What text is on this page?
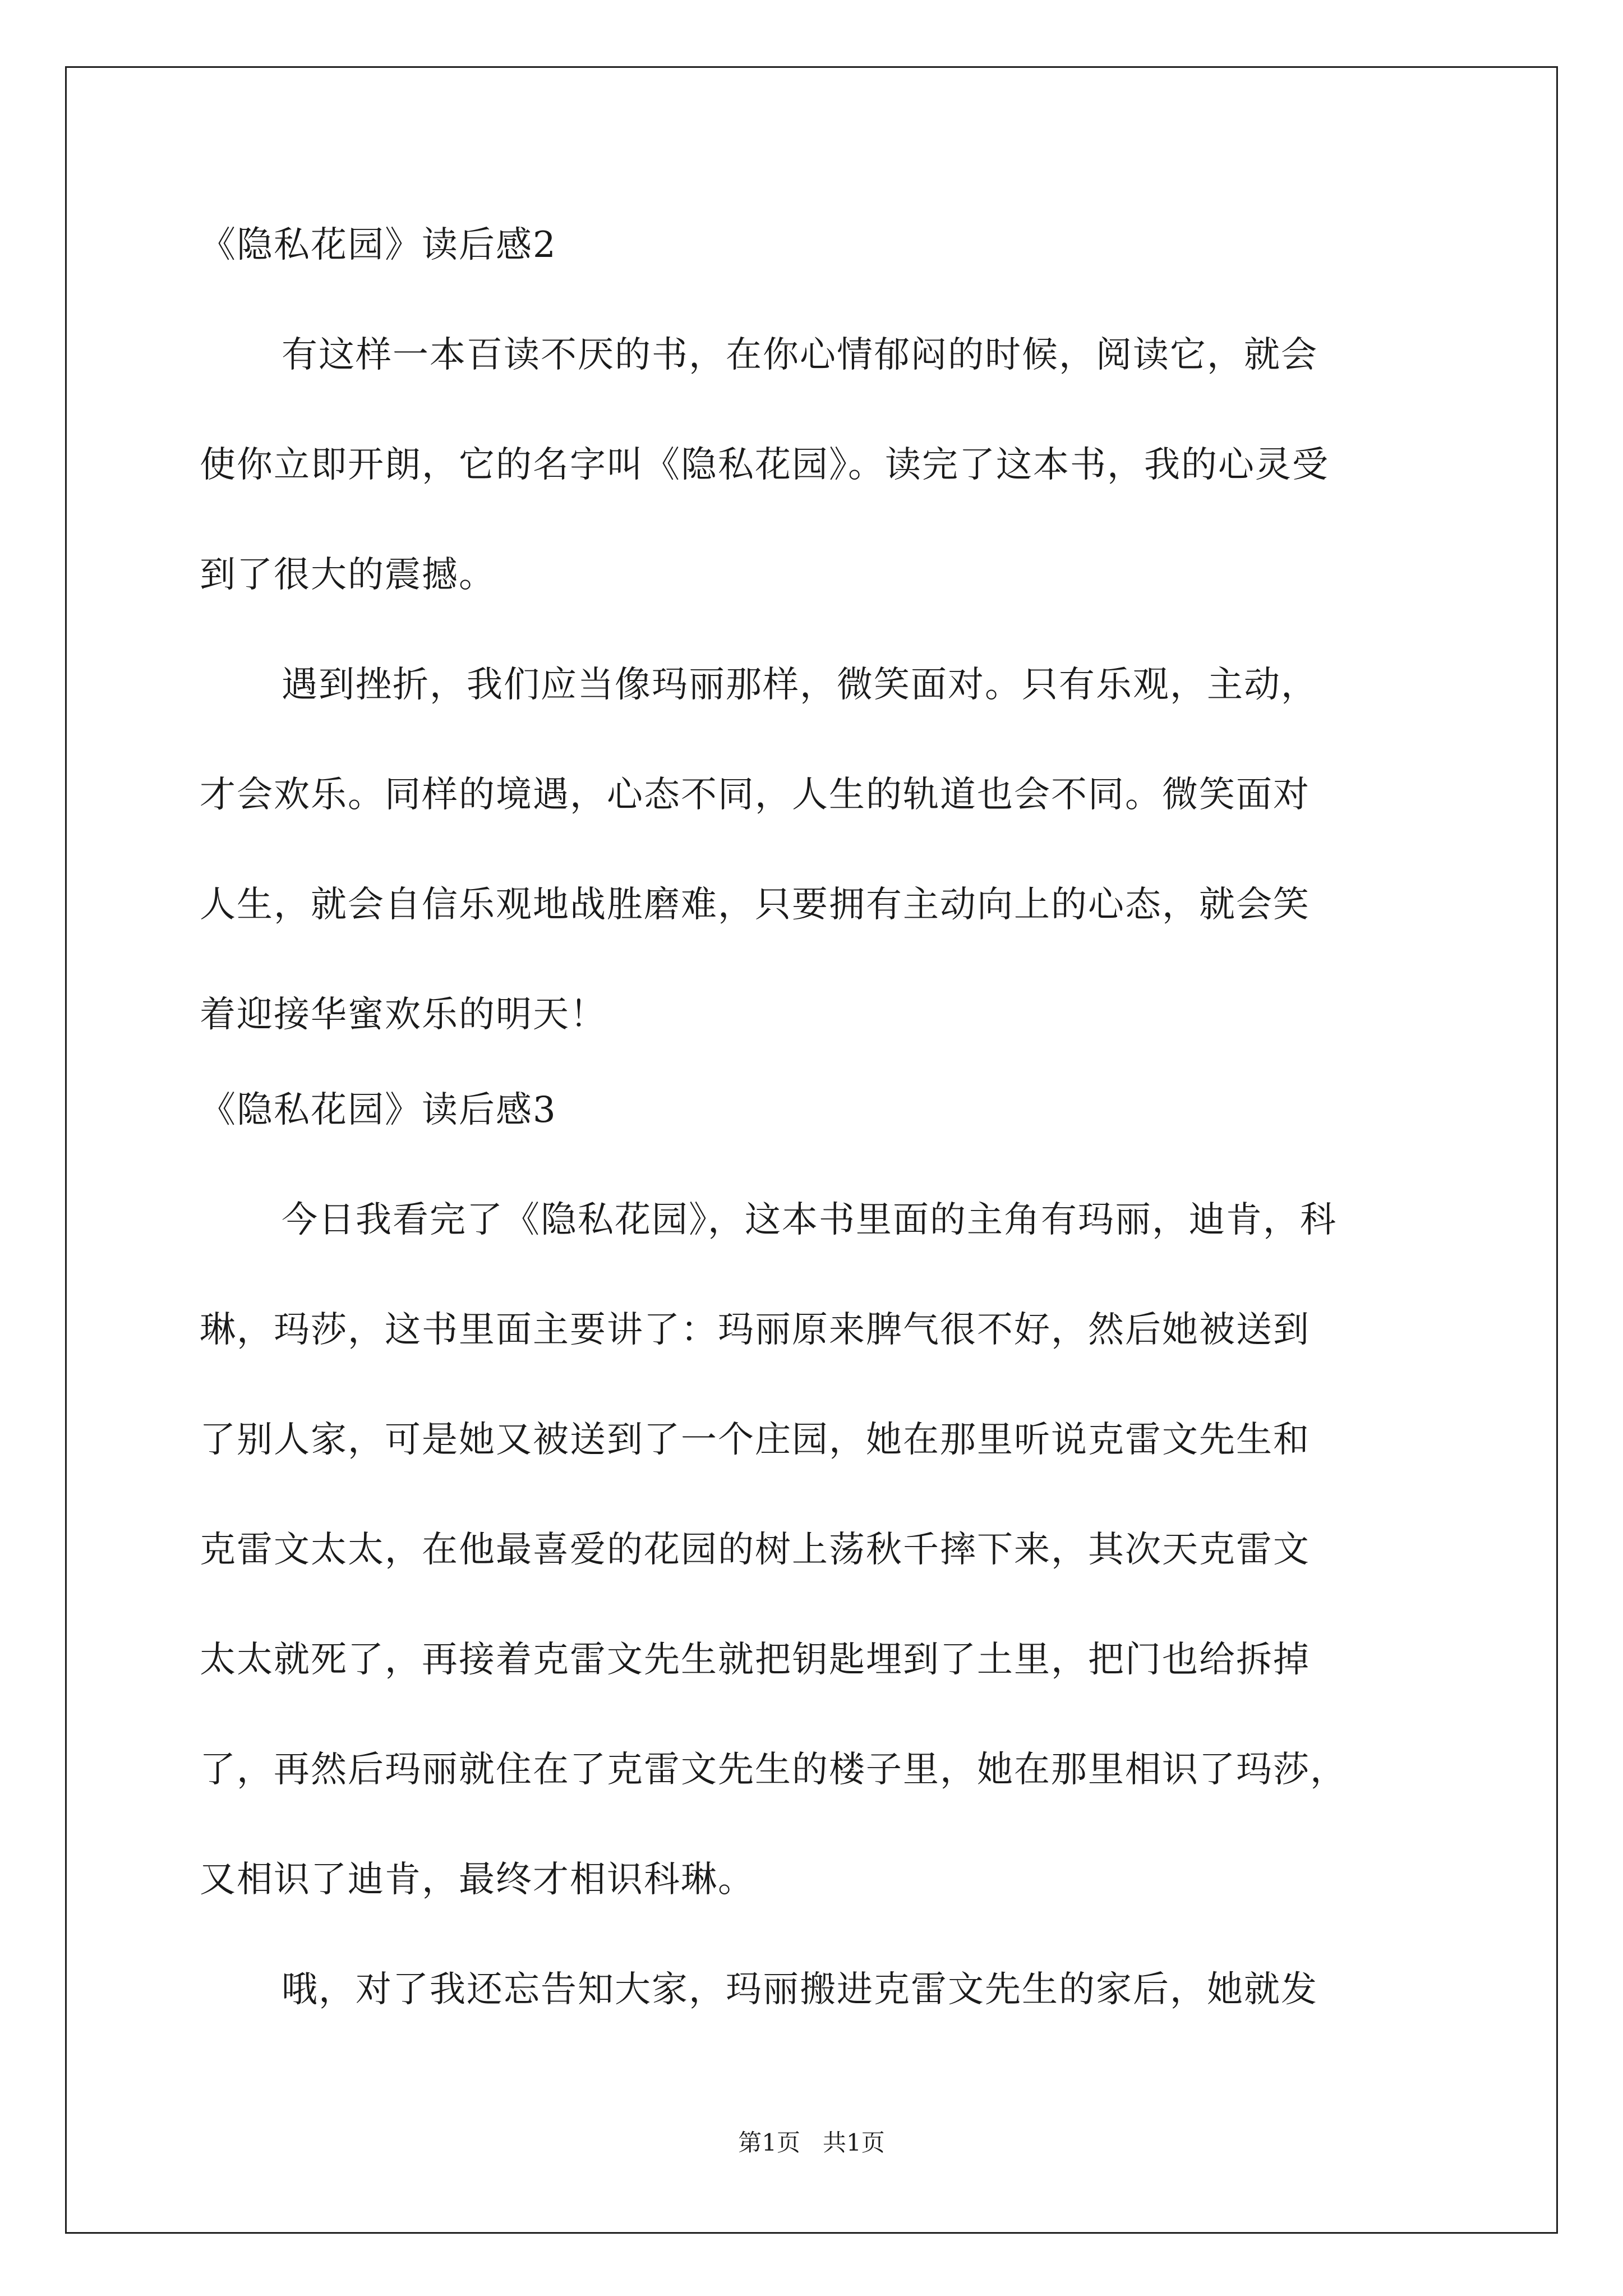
《隐私花园》读后感2
有这样一本百读不厌的书，在你心情郁闷的时候，阅读它，就会
使你立即开朗，它的名字叫《隐私花园》。读完了这本书，我的心灵受
到了很大的震撼。
遇到挫折，我们应当像玛丽那样，微笑面对。只有乐观，主动，
才会欢乐。同样的境遇，心态不同，人生的轨道也会不同。微笑面对
人生，就会自信乐观地战胜磨难，只要拥有主动向上的心态，就会笑
着迎接华蜜欢乐的明天！
《隐私花园》读后感3
今日我看完了《隐私花园》，这本书里面的主角有玛丽，迪肯，科
琳，玛莎，这书里面主要讲了：玛丽原来脾气很不好，然后她被送到
了别人家，可是她又被送到了一个庄园，她在那里听说克雷文先生和
克雷文太太，在他最喜爱的花园的树上荡秋千摔下来，其次天克雷文
太太就死了，再接着克雷文先生就把钥匙埋到了土里，把门也给拆掉
了，再然后玛丽就住在了克雷文先生的楼子里，她在那里相识了玛莎，
又相识了迪肯，最终才相识科琳。
哦，对了我还忘告知大家，玛丽搬进克雷文先生的家后，她就发
第1页   共1页
